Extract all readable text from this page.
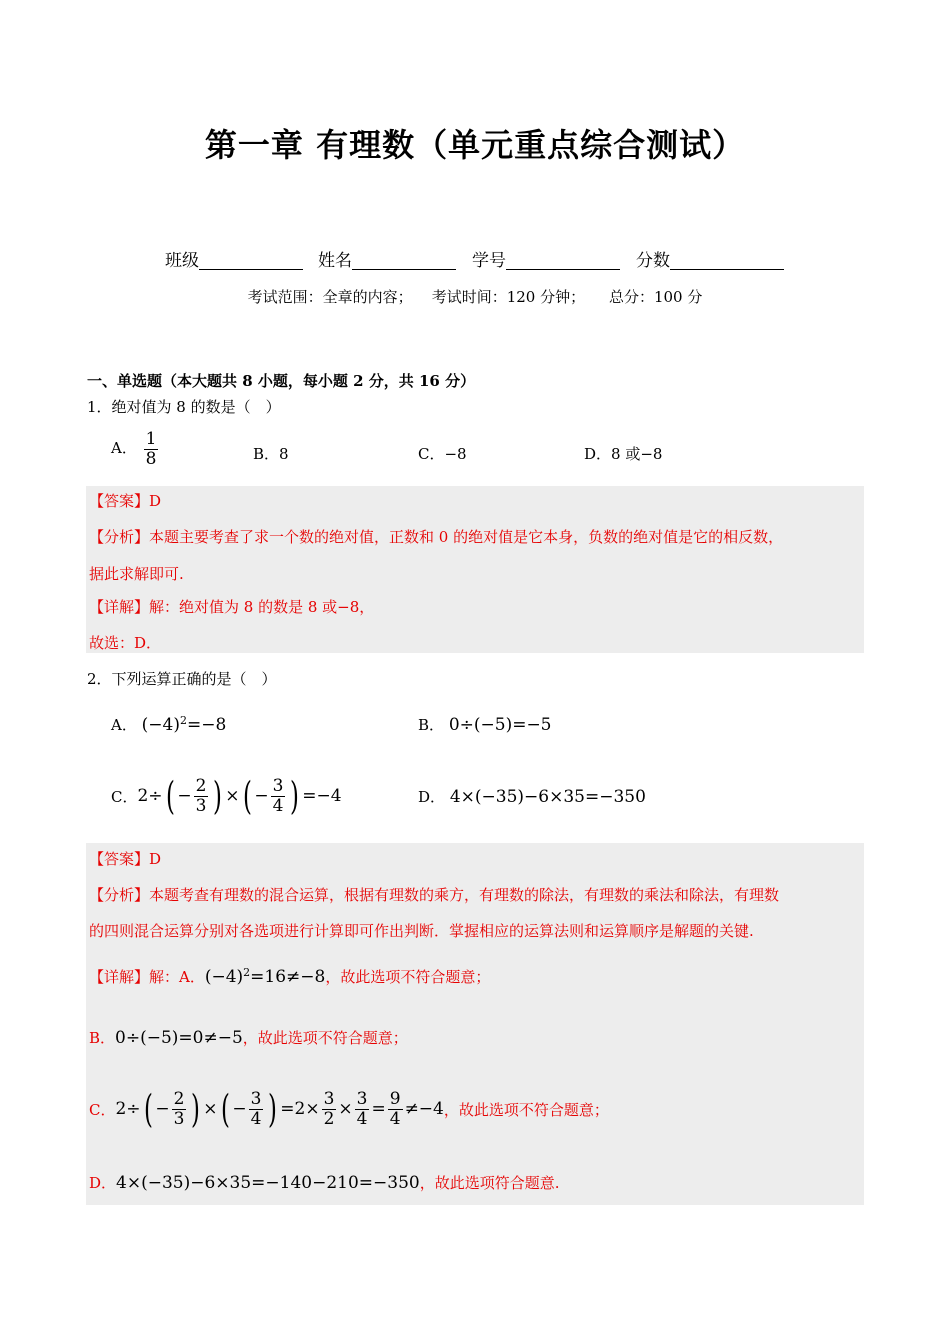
第一章 有理数（单元重点综合测试）
班级	姓名	学号	分数
考试范围：全章的内容；    考试时间：120 分钟；     总分：100 分
一、单选题（本大题共 8 小题，每小题 2 分，共 16 分）
1．绝对值为 8 的数是（　）
A． $\frac{1}{8}$	B．8	C．−8	D．8 或−8
【答案】D
【分析】本题主要考查了求一个数的绝对值，正数和 0 的绝对值是它本身，负数的绝对值是它的相反数，
据此求解即可.
【详解】解：绝对值为 8 的数是 8 或−8，
故选：D．
2．下列运算正确的是（　）
A． $(-4)^2=-8$	B． 0÷(−5)=−5
C． 2÷ ( − $\frac{2}{3}$ ) × ( − $\frac{3}{4}$ ) =−4	D． 4×(−35)−6×35=−350
【答案】D
【分析】本题考查有理数的混合运算，根据有理数的乘方，有理数的除法，有理数的乘法和除法，有理数
的四则混合运算分别对各选项进行计算即可作出判断．掌握相应的运算法则和运算顺序是解题的关键.
【详解】解：A．$(-4)^2=16\ne-8$，故此选项不符合题意；
B．0÷(−5)=0≠−5，故此选项不符合题意；
C． 2÷ ( − $\frac{2}{3}$ ) × ( − $\frac{3}{4}$ ) $=2\times \frac{3}{2} \times \frac{3}{4} = \frac{9}{4} \ne-4$ ，故此选项不符合题意；
D．4×(−35)−6×35=−140−210=−350，故此选项符合题意.
